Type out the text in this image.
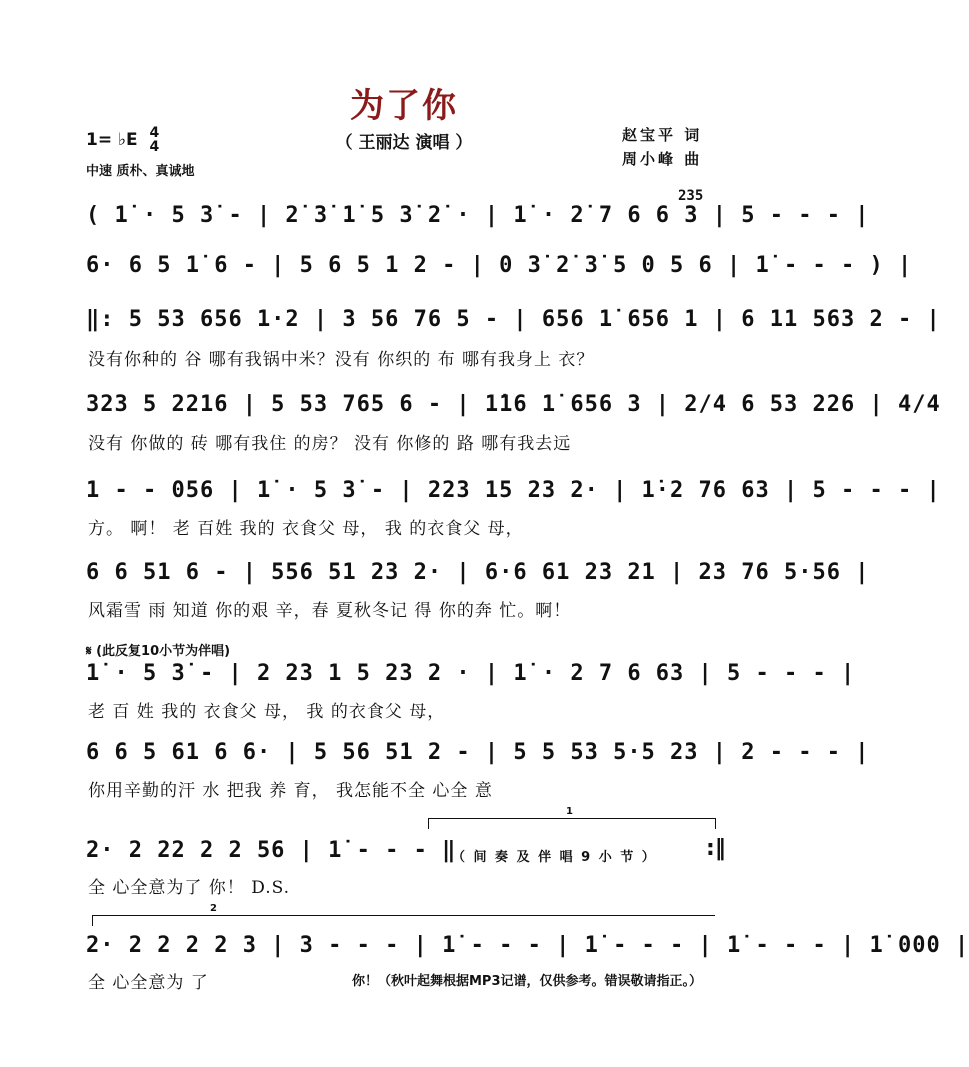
为了你
（ 王丽达 演唱 ）
1= ♭E 4
4
中速 质朴、真诚地
赵宝平 词
周小峰 曲
235
( 1̇ · 5 3̇ - | 2̇ 3̇ 1̇ 5 3̇ 2̇ · | 1̇ · 2̇ 7 6 6 3 | 5 - - - |
6· 6 5 1̇ 6 - | 5 6 5 1 2 - | 0 3̇ 2̇ 3̇ 5 0 5 6 | 1̇ - - - ) |
‖: 5 53 656 1·2 | 3 56 76 5 - | 656 1̇ 656 1 | 6 11 563 2 - |
没有你种的 谷 哪有我锅中米？没有 你织的 布 哪有我身上 衣？
323 5 2216 | 5 53 765 6 - | 1̇16 1̇ 656 3 | 2/4 6 53 226 | 4/4
没有 你做的 砖 哪有我住 的房？ 没有 你修的 路 哪有我去远
1 - - 056 | 1̇ · 5 3̇ - | 223 15 23 2· | 1̇·2 76 63 | 5 - - - |
方。 啊！ 老 百姓 我的 衣食父 母， 我 的衣食父 母，
6 6 51 6 - | 556 51 23 2· | 6·6 61 23 21 | 23 76 5·56 |
风霜雪 雨 知道 你的艰 辛，春 夏秋冬记 得 你的奔 忙。啊！
𝄋 (此反复10小节为伴唱)
1̇ · 5 3̇ - | 2 23 1 5 23 2 · | 1̇ · 2 7 6 63 | 5 - - - |
老 百 姓 我的 衣食父 母， 我 的衣食父 母，
6 6 5 61 6 6· | 5 56 51 2 - | 5 5 53 5·5 23 | 2 - - - |
你用辛勤的汗 水 把我 养 育， 我怎能不全 心全 意
1
2· 2 22 2 2 56 | 1̇ - - - ‖
（ 间 奏 及 伴 唱 9 小 节 ） :‖
全 心全意为了 你！ D.S.
2
2· 2 2 2 2 3 | 3 - - - | 1̇ - - - | 1̇ - - - | 1̇ - - - | 1̇ 000 |
全 心全意为 了	你！（秋叶起舞根据MP3记谱，仅供参考。错误敬请指正。）
